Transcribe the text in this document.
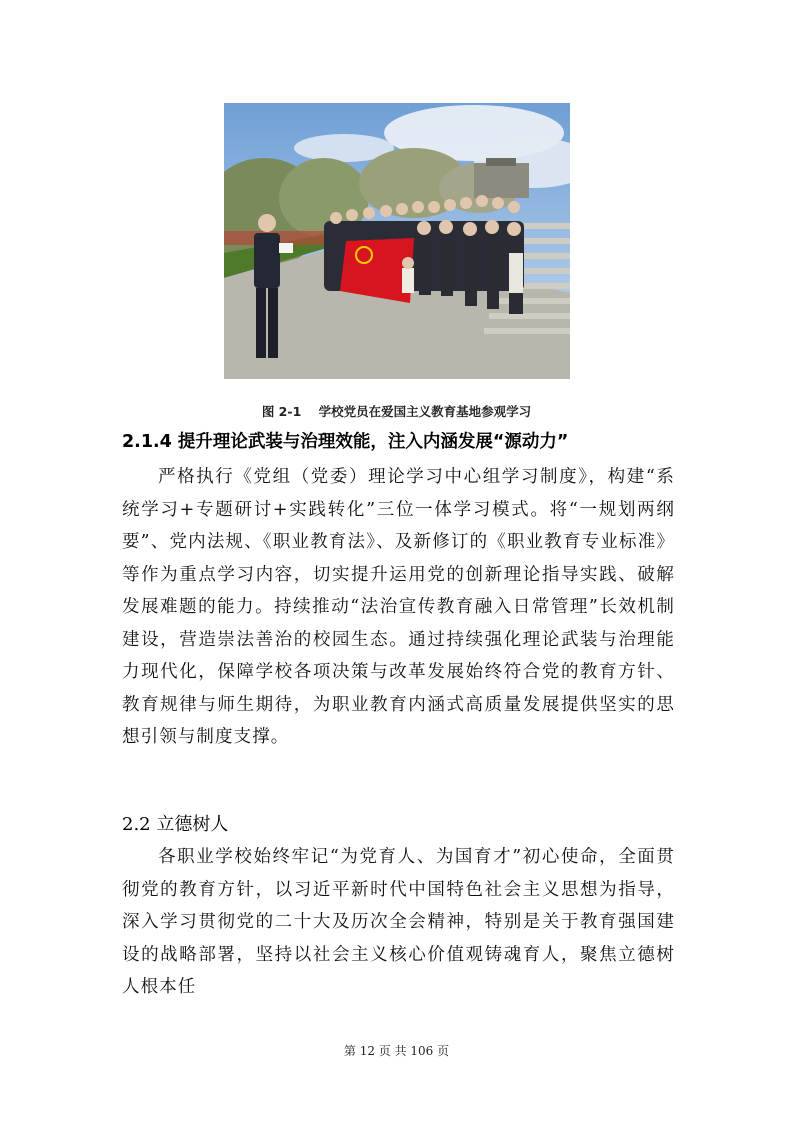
图 2-1    学校党员在爱国主义教育基地参观学习
2.1.4 提升理论武装与治理效能，注入内涵发展“源动力”

严格执行《党组（党委）理论学习中心组学习制度》，构建“系统学习+专题研讨+实践转化”三位一体学习模式。将“一规划两纲要”、党内法规、《职业教育法》、及新修订的《职业教育专业标准》等作为重点学习内容，切实提升运用党的创新理论指导实践、破解发展难题的能力。持续推动“法治宣传教育融入日常管理”长效机制建设，营造崇法善治的校园生态。通过持续强化理论武装与治理能力现代化，保障学校各项决策与改革发展始终符合党的教育方针、教育规律与师生期待，为职业教育内涵式高质量发展提供坚实的思想引领与制度支撑。

2.2 立德树人

各职业学校始终牢记“为党育人、为国育才”初心使命，全面贯彻党的教育方针，以习近平新时代中国特色社会主义思想为指导，深入学习贯彻党的二十大及历次全会精神，特别是关于教育强国建设的战略部署，坚持以社会主义核心价值观铸魂育人，聚焦立德树人根本任

第 12 页 共 106 页
